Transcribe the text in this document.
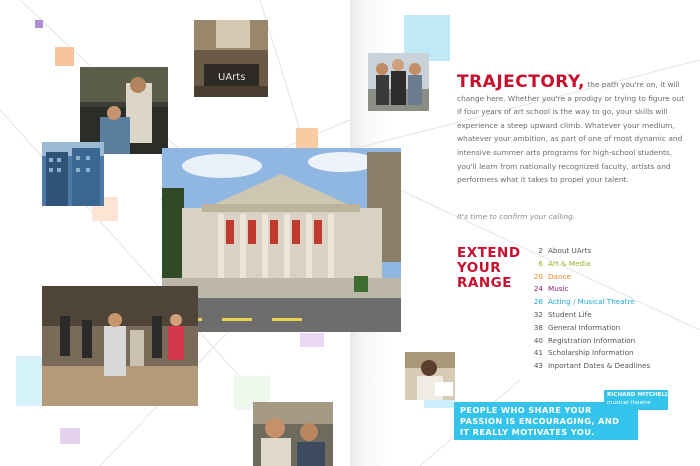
UArts	TRAJECTORY, the path you're on, it will change here. Whether you're a prodigy or trying to figure out if four years of art school is the way to go, your skills will experience a steep upward climb. Whatever your medium, whatever your ambition, as part of one of most dynamic and intensive summer arts programs for high-school students, you'll learn from nationally recognized faculty, artists and performers what it takes to propel your talent.
It's time to confirm your calling.
EXTEND YOUR RANGE
2 About UArts
6 Art & Media
20 Dance
24 Music
26 Acting / Musical Theatre
32 Student Life
38 General Information
40 Registration Information
41 Scholarship Information
43 Inportant Dates & Deadlines
PEOPLE WHO SHARE YOUR PASSION IS ENCOURAGING, AND IT REALLY MOTIVATES YOU.
RICHARD MITCHELL
musical theatre
